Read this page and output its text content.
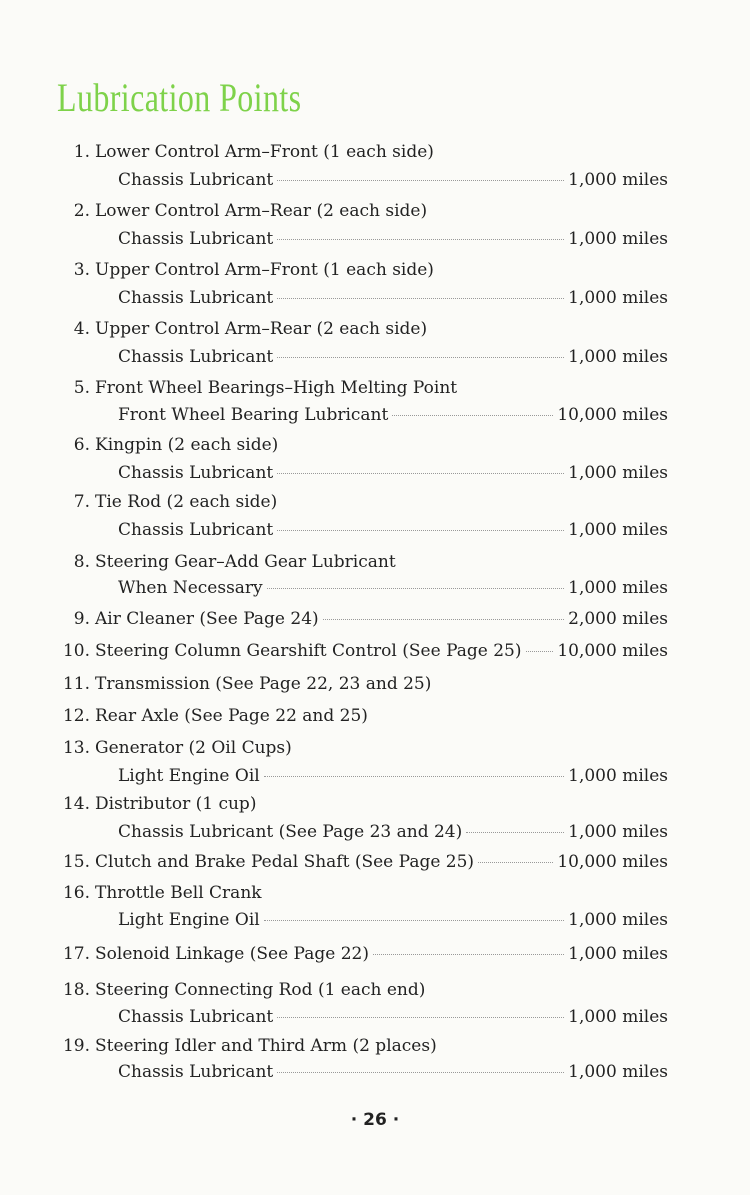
Lubrication Points
1. Lower Control Arm–Front (1 each side)
Chassis Lubricant	1,000 miles
2. Lower Control Arm–Rear (2 each side)
Chassis Lubricant	1,000 miles
3. Upper Control Arm–Front (1 each side)
Chassis Lubricant	1,000 miles
4. Upper Control Arm–Rear (2 each side)
Chassis Lubricant	1,000 miles
5. Front Wheel Bearings–High Melting Point
Front Wheel Bearing Lubricant	10,000 miles
6. Kingpin (2 each side)
Chassis Lubricant	1,000 miles
7. Tie Rod (2 each side)
Chassis Lubricant	1,000 miles
8. Steering Gear–Add Gear Lubricant
When Necessary	1,000 miles
9. Air Cleaner (See Page 24)	2,000 miles
10. Steering Column Gearshift Control (See Page 25) 10,000 miles
11. Transmission (See Page 22, 23 and 25)
12. Rear Axle (See Page 22 and 25)
13. Generator (2 Oil Cups)
Light Engine Oil	1,000 miles
14. Distributor (1 cup)
Chassis Lubricant (See Page 23 and 24)	1,000 miles
15. Clutch and Brake Pedal Shaft (See Page 25)	10,000 miles
16. Throttle Bell Crank
Light Engine Oil	1,000 miles
17. Solenoid Linkage (See Page 22)	1,000 miles
18. Steering Connecting Rod (1 each end)
Chassis Lubricant	1,000 miles
19. Steering Idler and Third Arm (2 places)
Chassis Lubricant	1,000 miles
· 26 ·
